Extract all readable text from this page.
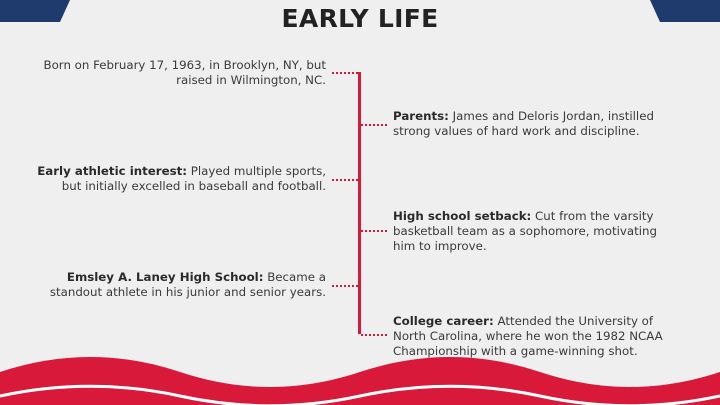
EARLY LIFE
Born on February 17, 1963, in Brooklyn, NY, but raised in Wilmington, NC.
Parents: James and Deloris Jordan, instilled strong values of hard work and discipline.
Early athletic interest: Played multiple sports, but initially excelled in baseball and football.
High school setback: Cut from the varsity basketball team as a sophomore, motivating him to improve.
Emsley A. Laney High School: Became a standout athlete in his junior and senior years.
College career: Attended the University of North Carolina, where he won the 1982 NCAA Championship with a game-winning shot.
